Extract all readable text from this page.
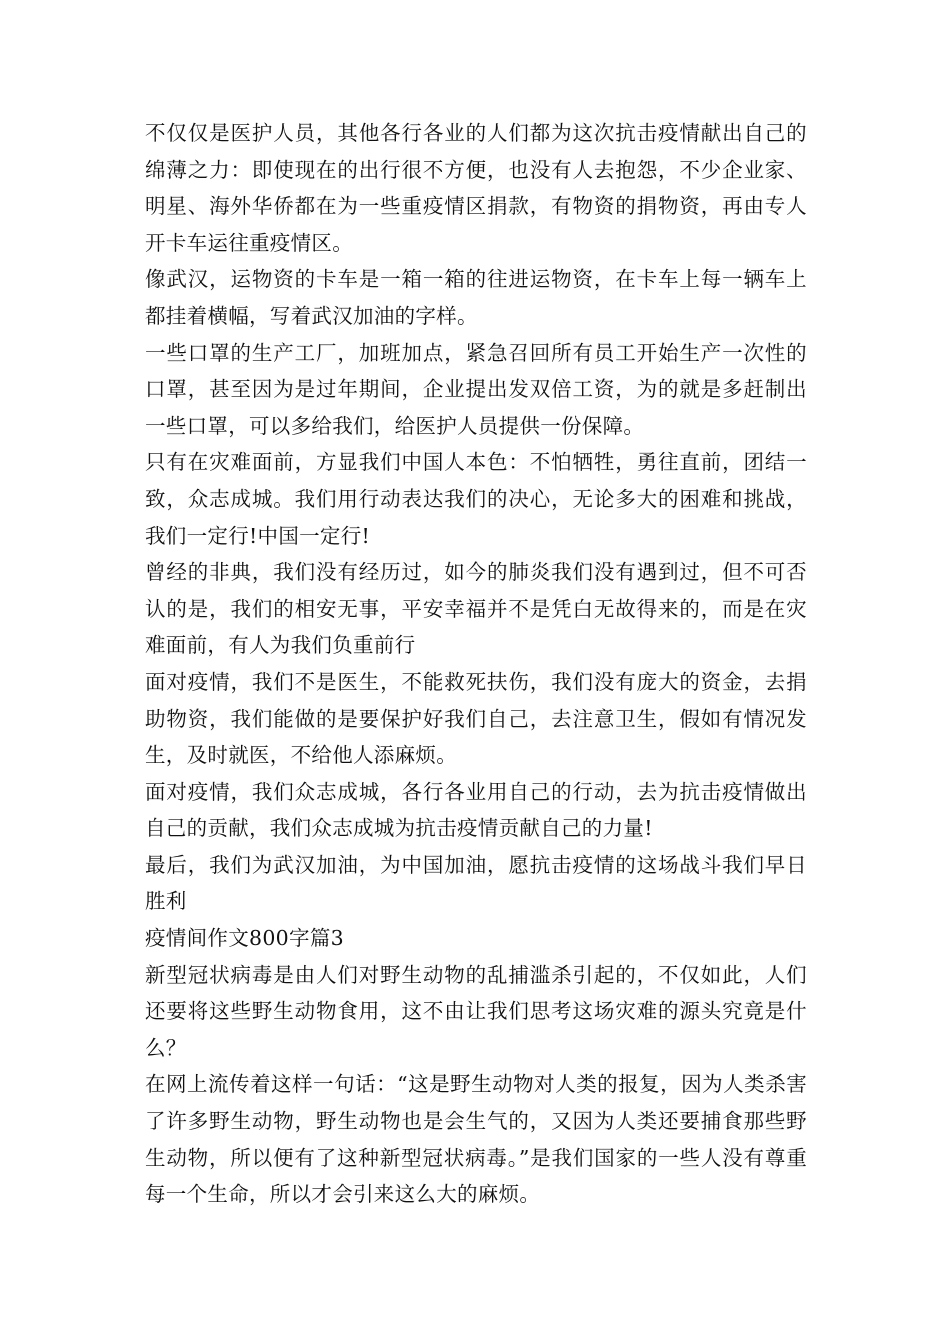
不仅仅是医护人员，其他各行各业的人们都为这次抗击疫情献出自己的绵薄之力：即使现在的出行很不方便，也没有人去抱怨，不少企业家、明星、海外华侨都在为一些重疫情区捐款，有物资的捐物资，再由专人开卡车运往重疫情区。

像武汉，运物资的卡车是一箱一箱的往进运物资，在卡车上每一辆车上都挂着横幅，写着武汉加油的字样。

一些口罩的生产工厂，加班加点，紧急召回所有员工开始生产一次性的口罩，甚至因为是过年期间，企业提出发双倍工资，为的就是多赶制出一些口罩，可以多给我们，给医护人员提供一份保障。

只有在灾难面前，方显我们中国人本色：不怕牺牲，勇往直前，团结一致，众志成城。我们用行动表达我们的决心，无论多大的困难和挑战，我们一定行!中国一定行!

曾经的非典，我们没有经历过，如今的肺炎我们没有遇到过，但不可否认的是，我们的相安无事，平安幸福并不是凭白无故得来的，而是在灾难面前，有人为我们负重前行

面对疫情，我们不是医生，不能救死扶伤，我们没有庞大的资金，去捐助物资，我们能做的是要保护好我们自己，去注意卫生，假如有情况发生，及时就医，不给他人添麻烦。

面对疫情，我们众志成城，各行各业用自己的行动，去为抗击疫情做出自己的贡献，我们众志成城为抗击疫情贡献自己的力量!

最后，我们为武汉加油，为中国加油，愿抗击疫情的这场战斗我们早日胜利

疫情间作文800字篇3

新型冠状病毒是由人们对野生动物的乱捕滥杀引起的，不仅如此，人们还要将这些野生动物食用，这不由让我们思考这场灾难的源头究竟是什么？

在网上流传着这样一句话：“这是野生动物对人类的报复，因为人类杀害了许多野生动物，野生动物也是会生气的，又因为人类还要捕食那些野生动物，所以便有了这种新型冠状病毒。”是我们国家的一些人没有尊重每一个生命，所以才会引来这么大的麻烦。
